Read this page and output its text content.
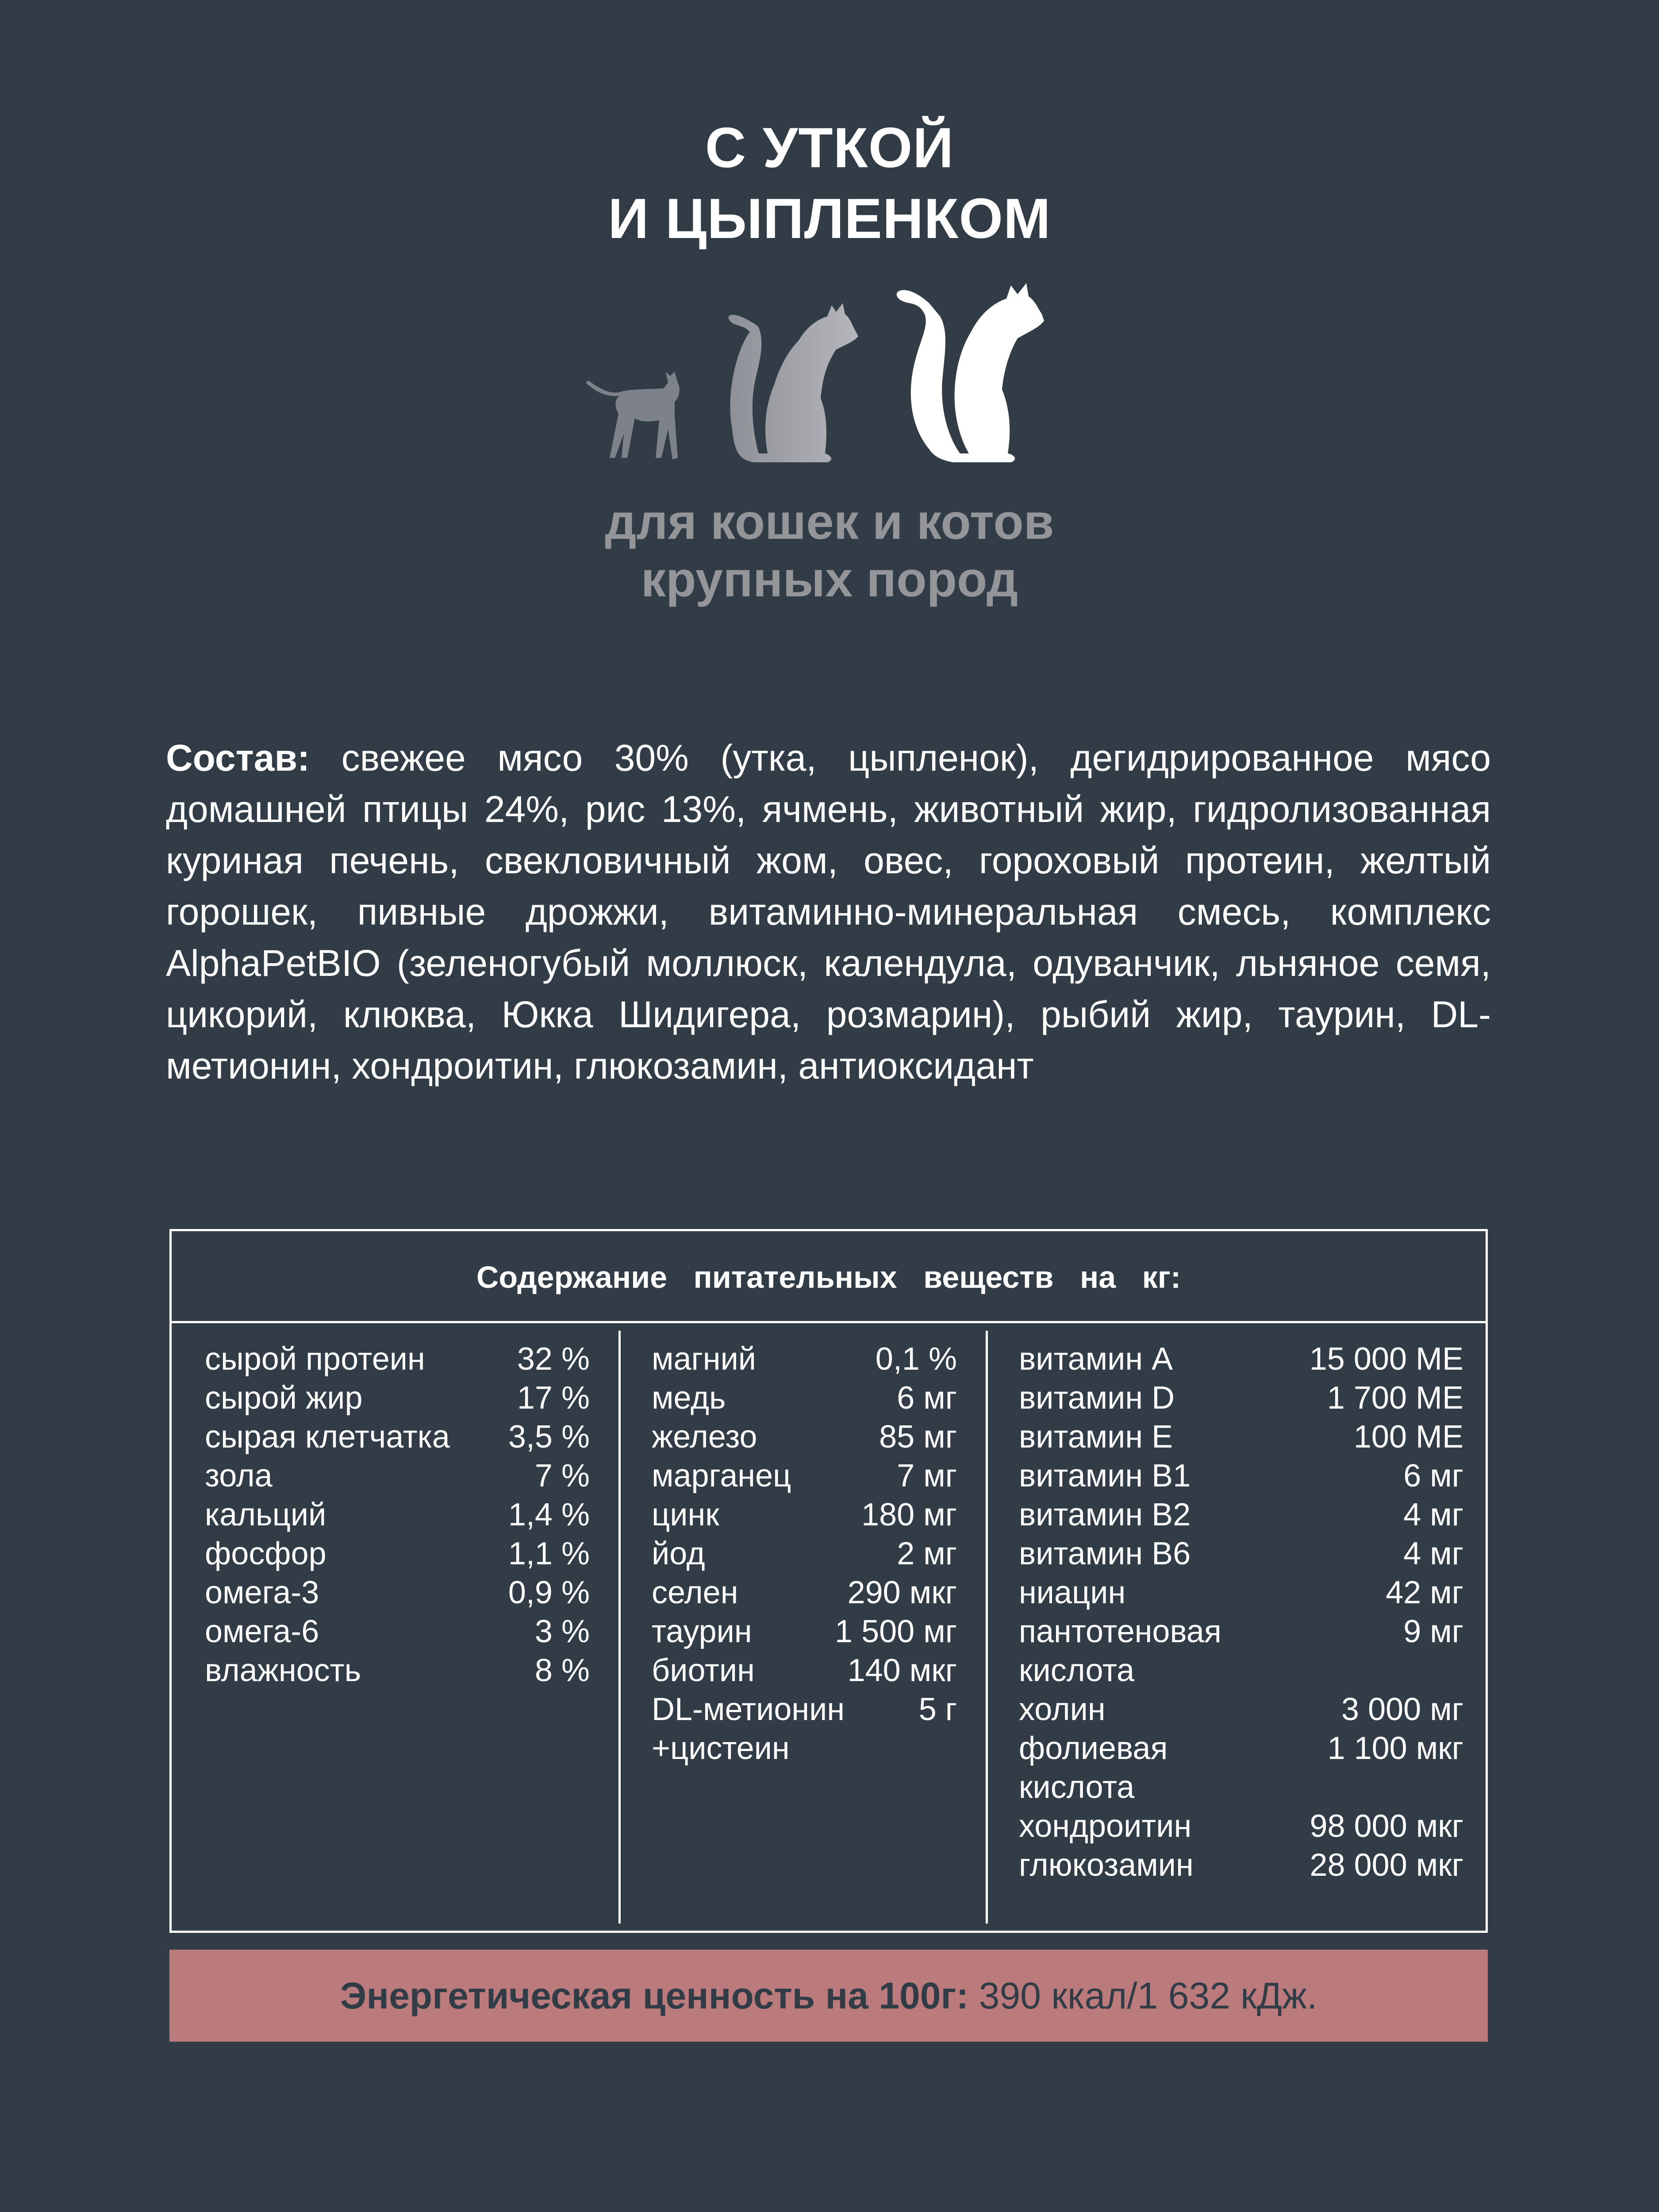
С УТКОЙ
И ЦЫПЛЕНКОМ
для кошек и котов
крупных пород
Состав: свежее мясо 30% (утка, цыпленок), дегидрированное мясо домашней птицы 24%, рис 13%, ячмень, животный жир, гидролизованная куриная печень, свекловичный жом, овес, гороховый протеин, желтый горошек, пивные дрожжи, витаминно-минеральная смесь, комплекс AlphaPetBIO (зеленогубый моллюск, календула, одуванчик, льняное семя, цикорий, клюква, Юкка Шидигера, розмарин), рыбий жир, таурин, DL-метионин, хондроитин, глюкозамин, антиоксидант
Содержание питательных веществ на кг:
сырой протеин	32 %
сырой жир	17 %
сырая клетчатка 3,5 %
зола	7 %
кальций	1,4 %
фосфор	1,1 %
омега-3	0,9 %
омега-6	3 %
влажность	8 %
магний	0,1 %
медь	6 мг
железо	85 мг
марганец	7 мг
цинк	180 мг
йод	2 мг
селен	290 мкг
таурин	1 500 мг
биотин	140 мкг
DL-метионин 5 г
+цистеин
витамин А	15 000 МЕ
витамин D	1 700 МЕ
витамин E	100 МЕ
витамин B1	6 мг
витамин B2	4 мг
витамин B6	4 мг
ниацин	42 мг
пантотеновая	9 мг
кислота
холин	3 000 мг
фолиевая	1 100 мкг
кислота
хондроитин	98 000 мкг
глюкозамин	28 000 мкг
Энергетическая ценность на 100г: 390 ккал/1 632 кДж.
